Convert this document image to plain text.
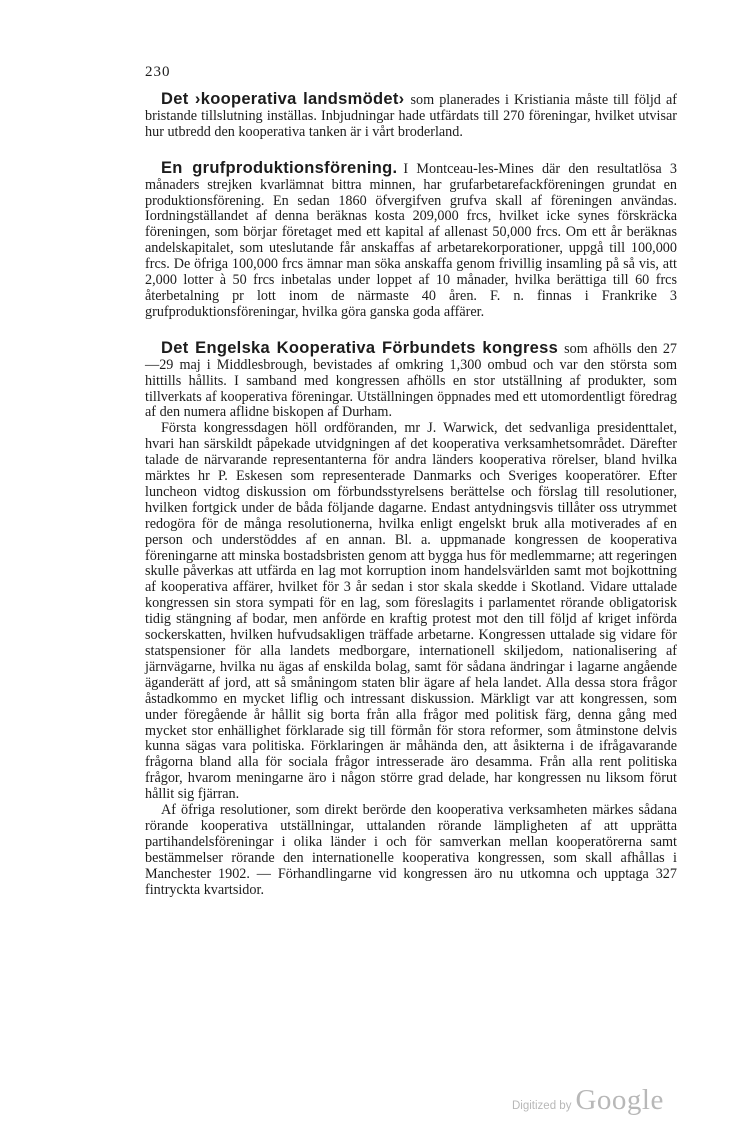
230

Det ›kooperativa landsmödet› som planerades i Kristiania måste till följd af bristande tillslutning inställas. Inbjudningar hade utfärdats till 270 föreningar, hvilket utvisar hur utbredd den kooperativa tanken är i vårt broderland.

En grufproduktionsförening. I Montceau-les-Mines där den resultatlösa 3 månaders strejken kvarlämnat bittra minnen, har grufarbetarefackföreningen grundat en produktionsförening. En sedan 1860 öfvergifven grufva skall af föreningen användas. Iordningställandet af denna beräknas kosta 209,000 frcs, hvilket icke synes förskräcka föreningen, som börjar företaget med ett kapital af allenast 50,000 frcs. Om ett år beräknas andelskapitalet, som uteslutande får anskaffas af arbetarekorporationer, uppgå till 100,000 frcs. De öfriga 100,000 frcs ämnar man söka anskaffa genom frivillig insamling på så vis, att 2,000 lotter à 50 frcs inbetalas under loppet af 10 månader, hvilka berättiga till 60 frcs återbetalning pr lott inom de närmaste 40 åren. F. n. finnas i Frankrike 3 grufproduktionsföreningar, hvilka göra ganska goda affärer.

Det Engelska Kooperativa Förbundets kongress som afhölls den 27—29 maj i Middlesbrough, bevistades af omkring 1,300 ombud och var den största som hittills hållits. I samband med kongressen afhölls en stor utställning af produkter, som tillverkats af kooperativa föreningar. Utställningen öppnades med ett utomordentligt föredrag af den numera aflidne biskopen af Durham.

Första kongressdagen höll ordföranden, mr J. Warwick, det sedvanliga presidenttalet, hvari han särskildt påpekade utvidgningen af det kooperativa verksamhetsområdet. Därefter talade de närvarande representanterna för andra länders kooperativa rörelser, bland hvilka märktes hr P. Eskesen som representerade Danmarks och Sveriges kooperatörer. Efter luncheon vidtog diskussion om förbundsstyrelsens berättelse och förslag till resolutioner, hvilken fortgick under de båda följande dagarne. Endast antydningsvis tillåter oss utrymmet redogöra för de många resolutionerna, hvilka enligt engelskt bruk alla motiverades af en person och understöddes af en annan. Bl. a. uppmanade kongressen de kooperativa föreningarne att minska bostadsbristen genom att bygga hus för medlemmarne; att regeringen skulle påverkas att utfärda en lag mot korruption inom handelsvärlden samt mot bojkottning af kooperativa affärer, hvilket för 3 år sedan i stor skala skedde i Skotland. Vidare uttalade kongressen sin stora sympati för en lag, som föreslagits i parlamentet rörande obligatorisk tidig stängning af bodar, men anförde en kraftig protest mot den till följd af kriget införda sockerskatten, hvilken hufvudsakligen träffade arbetarne. Kongressen uttalade sig vidare för statspensioner för alla landets medborgare, internationell skiljedom, nationalisering af järnvägarne, hvilka nu ägas af enskilda bolag, samt för sådana ändringar i lagarne angående äganderätt af jord, att så småningom staten blir ägare af hela landet. Alla dessa stora frågor åstadkommo en mycket liflig och intressant diskussion. Märkligt var att kongressen, som under föregående år hållit sig borta från alla frågor med politisk färg, denna gång med mycket stor enhällighet förklarade sig till förmån för stora reformer, som åtminstone delvis kunna sägas vara politiska. Förklaringen är måhända den, att åsikterna i de ifrågavarande frågorna bland alla för sociala frågor intresserade äro desamma. Från alla rent politiska frågor, hvarom meningarne äro i någon större grad delade, har kongressen nu liksom förut hållit sig fjärran.

Af öfriga resolutioner, som direkt berörde den kooperativa verksamheten märkes sådana rörande kooperativa utställningar, uttalanden rörande lämpligheten af att upprätta partihandelsföreningar i olika länder i och för samverkan mellan kooperatörerna samt bestämmelser rörande den internationelle kooperativa kongressen, som skall afhållas i Manchester 1902. — Förhandlingarne vid kongressen äro nu utkomna och upptaga 327 fintryckta kvartsidor.

Digitized by Google
